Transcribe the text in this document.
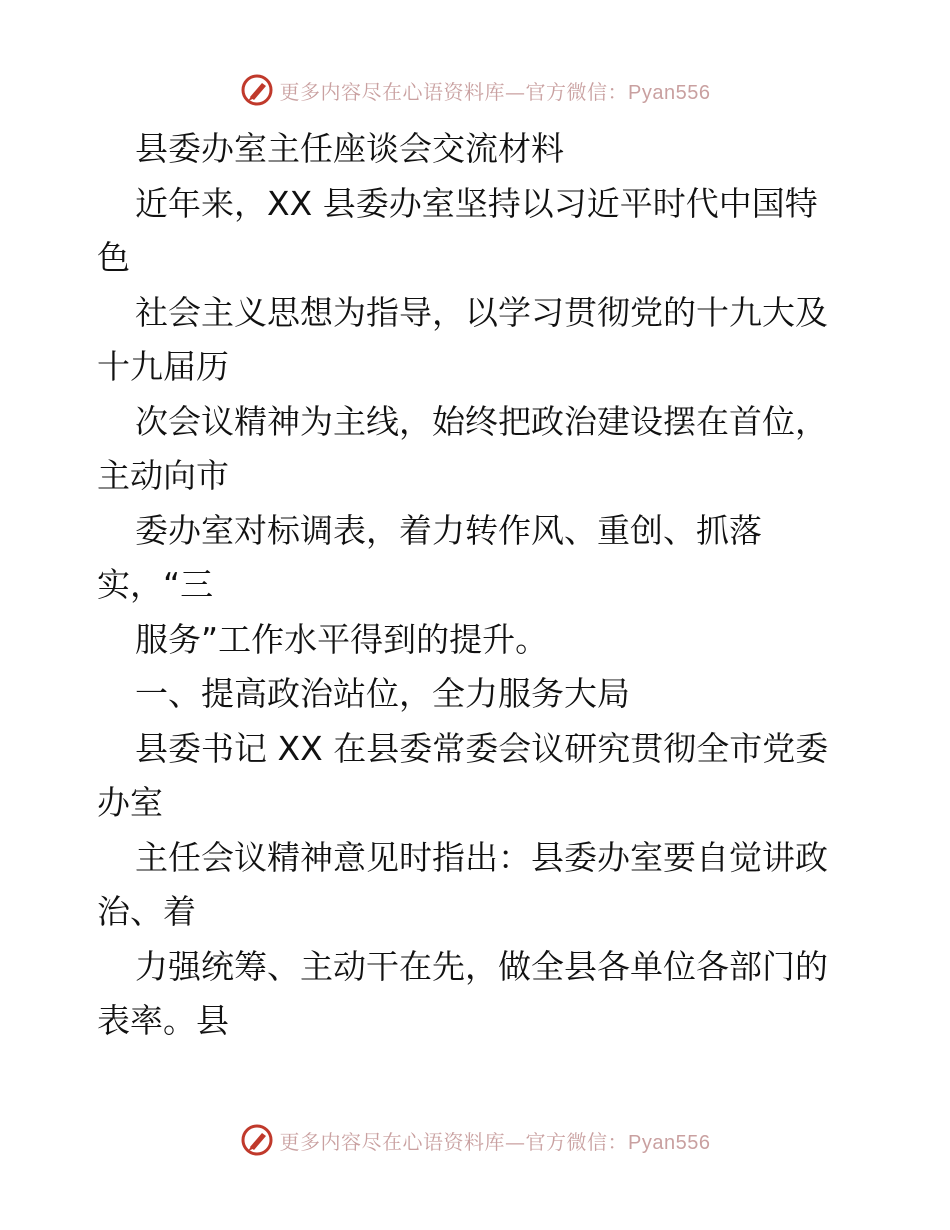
更多内容尽在心语资料库—官方微信：Pyan556
县委办室主任座谈会交流材料
近年来，XX 县委办室坚持以习近平时代中国特
色
社会主义思想为指导，以学习贯彻党的十九大及
十九届历
次会议精神为主线，始终把政治建设摆在首位，
主动向市
委办室对标调表，着力转作风、重创、抓落
实，“三
服务”工作水平得到的提升。
一、提高政治站位，全力服务大局
县委书记 XX 在县委常委会议研究贯彻全市党委
办室
主任会议精神意见时指出：县委办室要自觉讲政
治、着
力强统筹、主动干在先，做全县各单位各部门的
表率。县
更多内容尽在心语资料库—官方微信：Pyan556
